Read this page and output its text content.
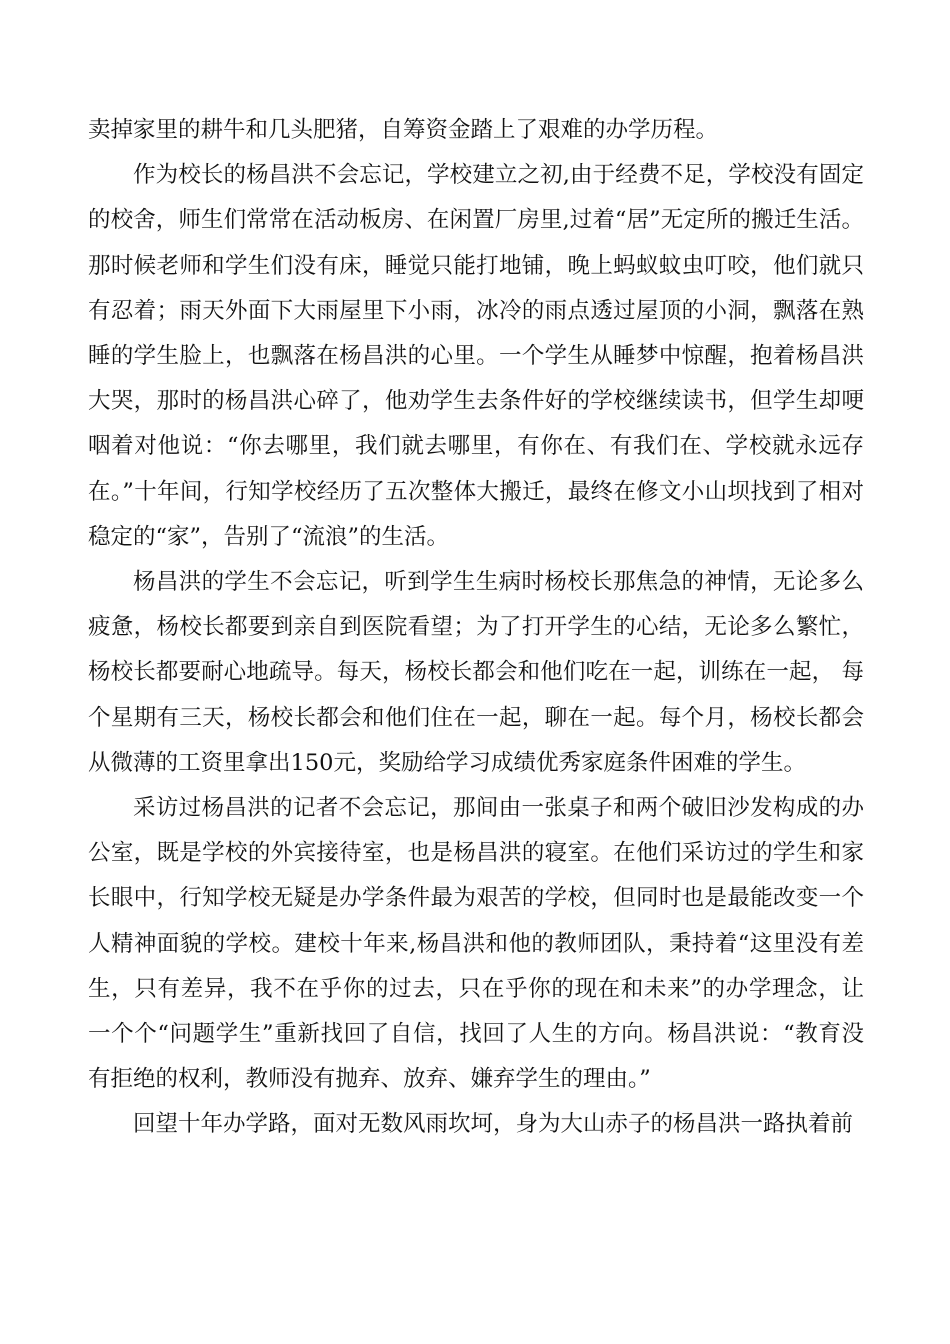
卖掉家里的耕牛和几头肥猪，自筹资金踏上了艰难的办学历程。

作为校长的杨昌洪不会忘记，学校建立之初,由于经费不足，学校没有固定的校舍，师生们常常在活动板房、在闲置厂房里,过着“居”无定所的搬迁生活。那时候老师和学生们没有床，睡觉只能打地铺，晚上蚂蚁蚊虫叮咬，他们就只有忍着；雨天外面下大雨屋里下小雨，冰冷的雨点透过屋顶的小洞，飘落在熟睡的学生脸上，也飘落在杨昌洪的心里。一个学生从睡梦中惊醒，抱着杨昌洪大哭，那时的杨昌洪心碎了，他劝学生去条件好的学校继续读书，但学生却哽咽着对他说：“你去哪里，我们就去哪里，有你在、有我们在、学校就永远存在。”十年间，行知学校经历了五次整体大搬迁，最终在修文小山坝找到了相对稳定的“家”，告别了“流浪”的生活。

杨昌洪的学生不会忘记，听到学生生病时杨校长那焦急的神情，无论多么疲惫，杨校长都要到亲自到医院看望；为了打开学生的心结，无论多么繁忙，杨校长都要耐心地疏导。每天，杨校长都会和他们吃在一起，训练在一起， 每个星期有三天，杨校长都会和他们住在一起，聊在一起。每个月，杨校长都会从微薄的工资里拿出150元，奖励给学习成绩优秀家庭条件困难的学生。

采访过杨昌洪的记者不会忘记，那间由一张桌子和两个破旧沙发构成的办公室，既是学校的外宾接待室，也是杨昌洪的寝室。在他们采访过的学生和家长眼中，行知学校无疑是办学条件最为艰苦的学校，但同时也是最能改变一个人精神面貌的学校。建校十年来,杨昌洪和他的教师团队，秉持着“这里没有差生，只有差异，我不在乎你的过去，只在乎你的现在和未来”的办学理念，让一个个“问题学生”重新找回了自信，找回了人生的方向。杨昌洪说：“教育没有拒绝的权利，教师没有抛弃、放弃、嫌弃学生的理由。”

回望十年办学路，面对无数风雨坎坷，身为大山赤子的杨昌洪一路执着前
